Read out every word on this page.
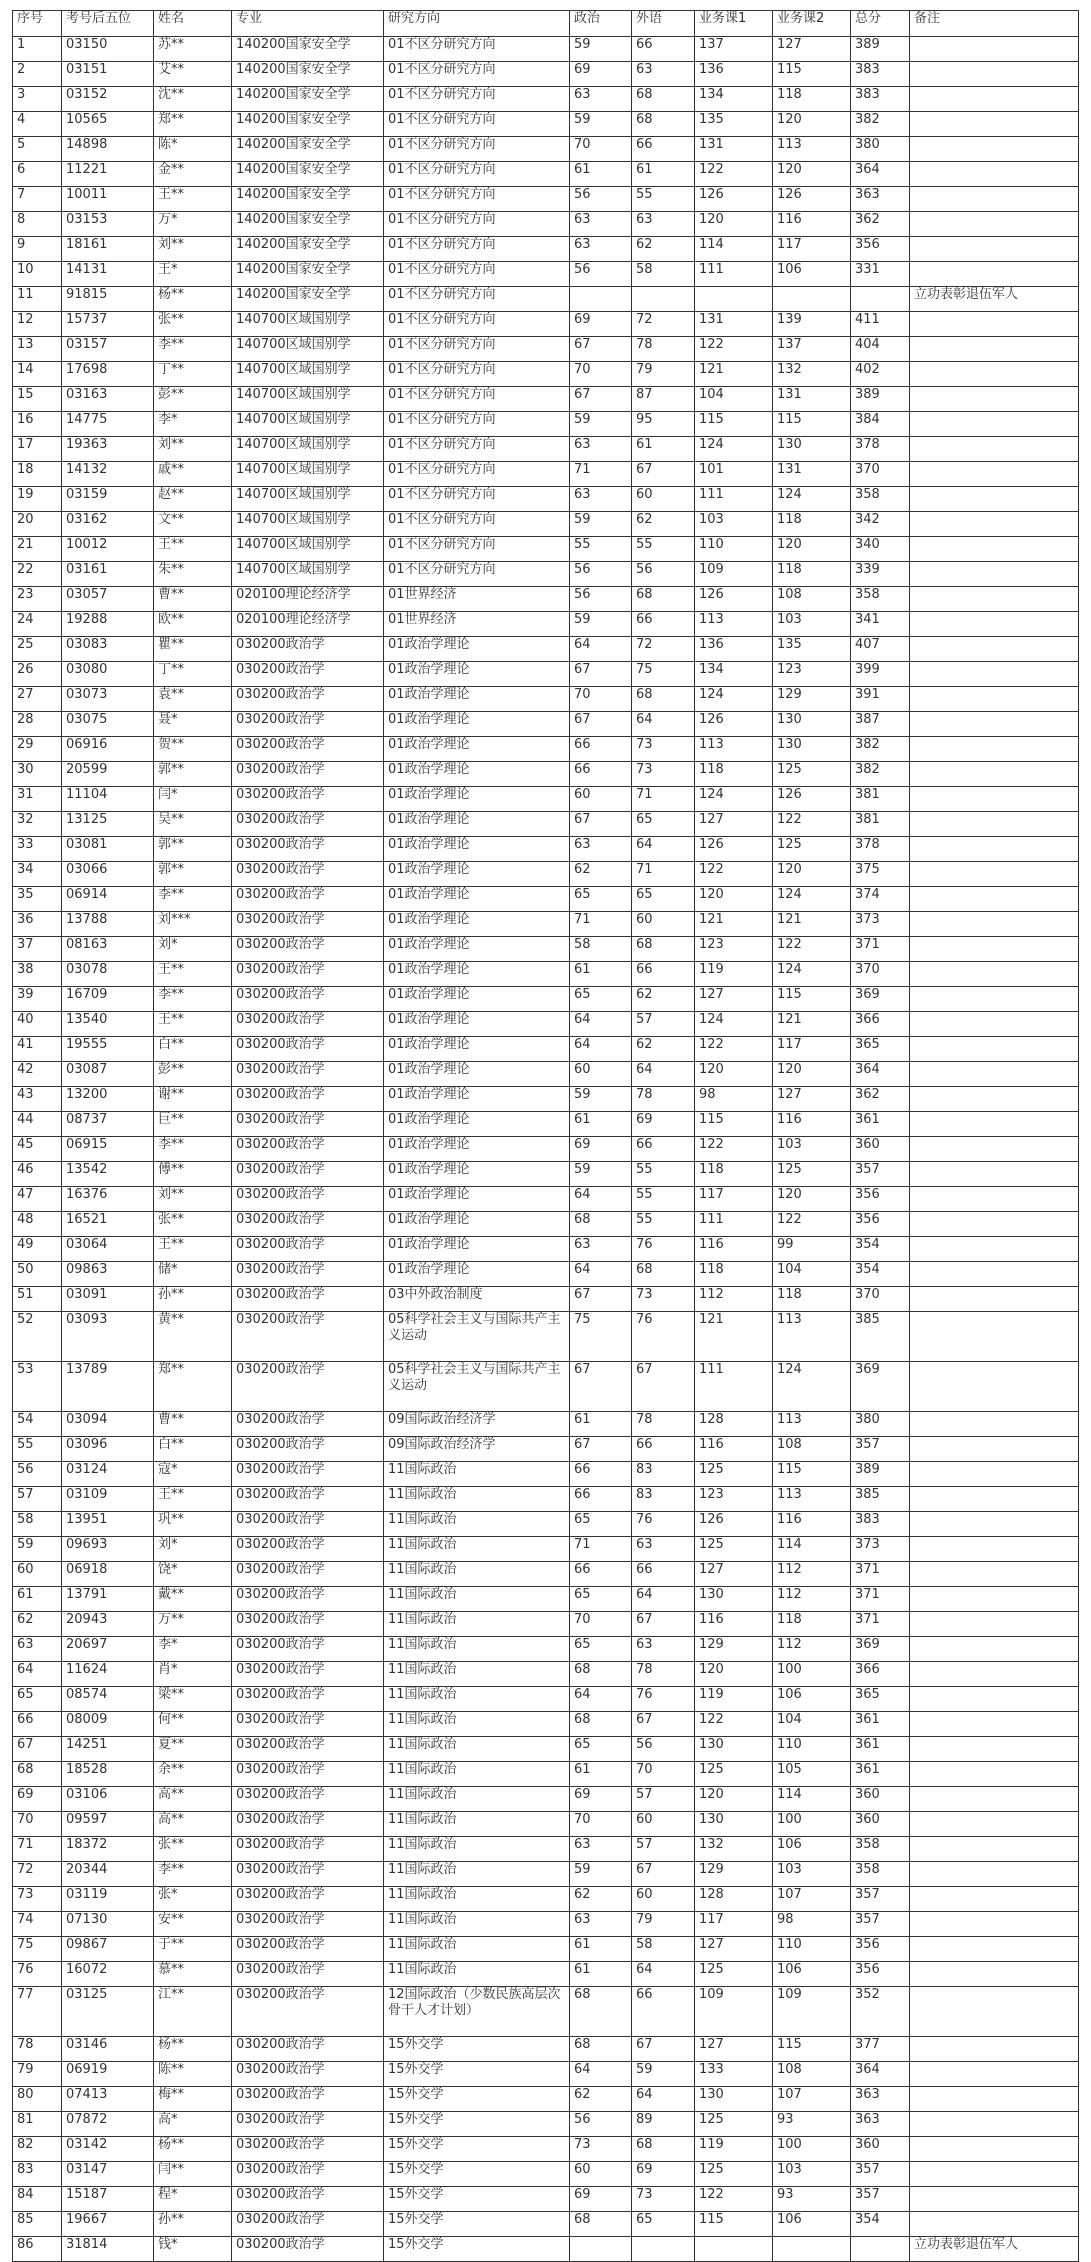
序号	考号后五位	姓名	专业	研究方向	政治	外语	业务课1	业务课2	总分	备注
1	03150	苏**	140200国家安全学	01不区分研究方向	59	66	137	127	389	
2	03151	艾**	140200国家安全学	01不区分研究方向	69	63	136	115	383	
3	03152	沈**	140200国家安全学	01不区分研究方向	63	68	134	118	383	
4	10565	郑**	140200国家安全学	01不区分研究方向	59	68	135	120	382	
5	14898	陈*	140200国家安全学	01不区分研究方向	70	66	131	113	380	
6	11221	金**	140200国家安全学	01不区分研究方向	61	61	122	120	364	
7	10011	王**	140200国家安全学	01不区分研究方向	56	55	126	126	363	
8	03153	万*	140200国家安全学	01不区分研究方向	63	63	120	116	362	
9	18161	刘**	140200国家安全学	01不区分研究方向	63	62	114	117	356	
10	14131	王*	140200国家安全学	01不区分研究方向	56	58	111	106	331	
11	91815	杨**	140200国家安全学	01不区分研究方向						立功表彰退伍军人
12	15737	张**	140700区域国别学	01不区分研究方向	69	72	131	139	411	
13	03157	李**	140700区域国别学	01不区分研究方向	67	78	122	137	404	
14	17698	丁**	140700区域国别学	01不区分研究方向	70	79	121	132	402	
15	03163	彭**	140700区域国别学	01不区分研究方向	67	87	104	131	389	
16	14775	李*	140700区域国别学	01不区分研究方向	59	95	115	115	384	
17	19363	刘**	140700区域国别学	01不区分研究方向	63	61	124	130	378	
18	14132	戚**	140700区域国别学	01不区分研究方向	71	67	101	131	370	
19	03159	赵**	140700区域国别学	01不区分研究方向	63	60	111	124	358	
20	03162	文**	140700区域国别学	01不区分研究方向	59	62	103	118	342	
21	10012	王**	140700区域国别学	01不区分研究方向	55	55	110	120	340	
22	03161	朱**	140700区域国别学	01不区分研究方向	56	56	109	118	339	
23	03057	曹**	020100理论经济学	01世界经济	56	68	126	108	358	
24	19288	欧**	020100理论经济学	01世界经济	59	66	113	103	341	
25	03083	瞿**	030200政治学	01政治学理论	64	72	136	135	407	
26	03080	丁**	030200政治学	01政治学理论	67	75	134	123	399	
27	03073	袁**	030200政治学	01政治学理论	70	68	124	129	391	
28	03075	聂*	030200政治学	01政治学理论	67	64	126	130	387	
29	06916	贺**	030200政治学	01政治学理论	66	73	113	130	382	
30	20599	郭**	030200政治学	01政治学理论	66	73	118	125	382	
31	11104	闫*	030200政治学	01政治学理论	60	71	124	126	381	
32	13125	吴**	030200政治学	01政治学理论	67	65	127	122	381	
33	03081	郭**	030200政治学	01政治学理论	63	64	126	125	378	
34	03066	郭**	030200政治学	01政治学理论	62	71	122	120	375	
35	06914	李**	030200政治学	01政治学理论	65	65	120	124	374	
36	13788	刘***	030200政治学	01政治学理论	71	60	121	121	373	
37	08163	刘*	030200政治学	01政治学理论	58	68	123	122	371	
38	03078	王**	030200政治学	01政治学理论	61	66	119	124	370	
39	16709	李**	030200政治学	01政治学理论	65	62	127	115	369	
40	13540	王**	030200政治学	01政治学理论	64	57	124	121	366	
41	19555	白**	030200政治学	01政治学理论	64	62	122	117	365	
42	03087	彭**	030200政治学	01政治学理论	60	64	120	120	364	
43	13200	谢**	030200政治学	01政治学理论	59	78	98	127	362	
44	08737	巨**	030200政治学	01政治学理论	61	69	115	116	361	
45	06915	李**	030200政治学	01政治学理论	69	66	122	103	360	
46	13542	傅**	030200政治学	01政治学理论	59	55	118	125	357	
47	16376	刘**	030200政治学	01政治学理论	64	55	117	120	356	
48	16521	张**	030200政治学	01政治学理论	68	55	111	122	356	
49	03064	王**	030200政治学	01政治学理论	63	76	116	99	354	
50	09863	储*	030200政治学	01政治学理论	64	68	118	104	354	
51	03091	孙**	030200政治学	03中外政治制度	67	73	112	118	370	
52	03093	黄**	030200政治学	05科学社会主义与国际共产主义运动	75	76	121	113	385	
53	13789	郑**	030200政治学	05科学社会主义与国际共产主义运动	67	67	111	124	369	
54	03094	曹**	030200政治学	09国际政治经济学	61	78	128	113	380	
55	03096	白**	030200政治学	09国际政治经济学	67	66	116	108	357	
56	03124	寇*	030200政治学	11国际政治	66	83	125	115	389	
57	03109	王**	030200政治学	11国际政治	66	83	123	113	385	
58	13951	巩**	030200政治学	11国际政治	65	76	126	116	383	
59	09693	刘*	030200政治学	11国际政治	71	63	125	114	373	
60	06918	饶*	030200政治学	11国际政治	66	66	127	112	371	
61	13791	戴**	030200政治学	11国际政治	65	64	130	112	371	
62	20943	万**	030200政治学	11国际政治	70	67	116	118	371	
63	20697	李*	030200政治学	11国际政治	65	63	129	112	369	
64	11624	肖*	030200政治学	11国际政治	68	78	120	100	366	
65	08574	梁**	030200政治学	11国际政治	64	76	119	106	365	
66	08009	何**	030200政治学	11国际政治	68	67	122	104	361	
67	14251	夏**	030200政治学	11国际政治	65	56	130	110	361	
68	18528	余**	030200政治学	11国际政治	61	70	125	105	361	
69	03106	高**	030200政治学	11国际政治	69	57	120	114	360	
70	09597	高**	030200政治学	11国际政治	70	60	130	100	360	
71	18372	张**	030200政治学	11国际政治	63	57	132	106	358	
72	20344	李**	030200政治学	11国际政治	59	67	129	103	358	
73	03119	张*	030200政治学	11国际政治	62	60	128	107	357	
74	07130	安**	030200政治学	11国际政治	63	79	117	98	357	
75	09867	于**	030200政治学	11国际政治	61	58	127	110	356	
76	16072	慕**	030200政治学	11国际政治	61	64	125	106	356	
77	03125	江**	030200政治学	12国际政治（少数民族高层次骨干人才计划）	68	66	109	109	352	
78	03146	杨**	030200政治学	15外交学	68	67	127	115	377	
79	06919	陈**	030200政治学	15外交学	64	59	133	108	364	
80	07413	梅**	030200政治学	15外交学	62	64	130	107	363	
81	07872	高*	030200政治学	15外交学	56	89	125	93	363	
82	03142	杨**	030200政治学	15外交学	73	68	119	100	360	
83	03147	闫**	030200政治学	15外交学	60	69	125	103	357	
84	15187	程*	030200政治学	15外交学	69	73	122	93	357	
85	19667	孙**	030200政治学	15外交学	68	65	115	106	354	
86	31814	钱*	030200政治学	15外交学						立功表彰退伍军人
